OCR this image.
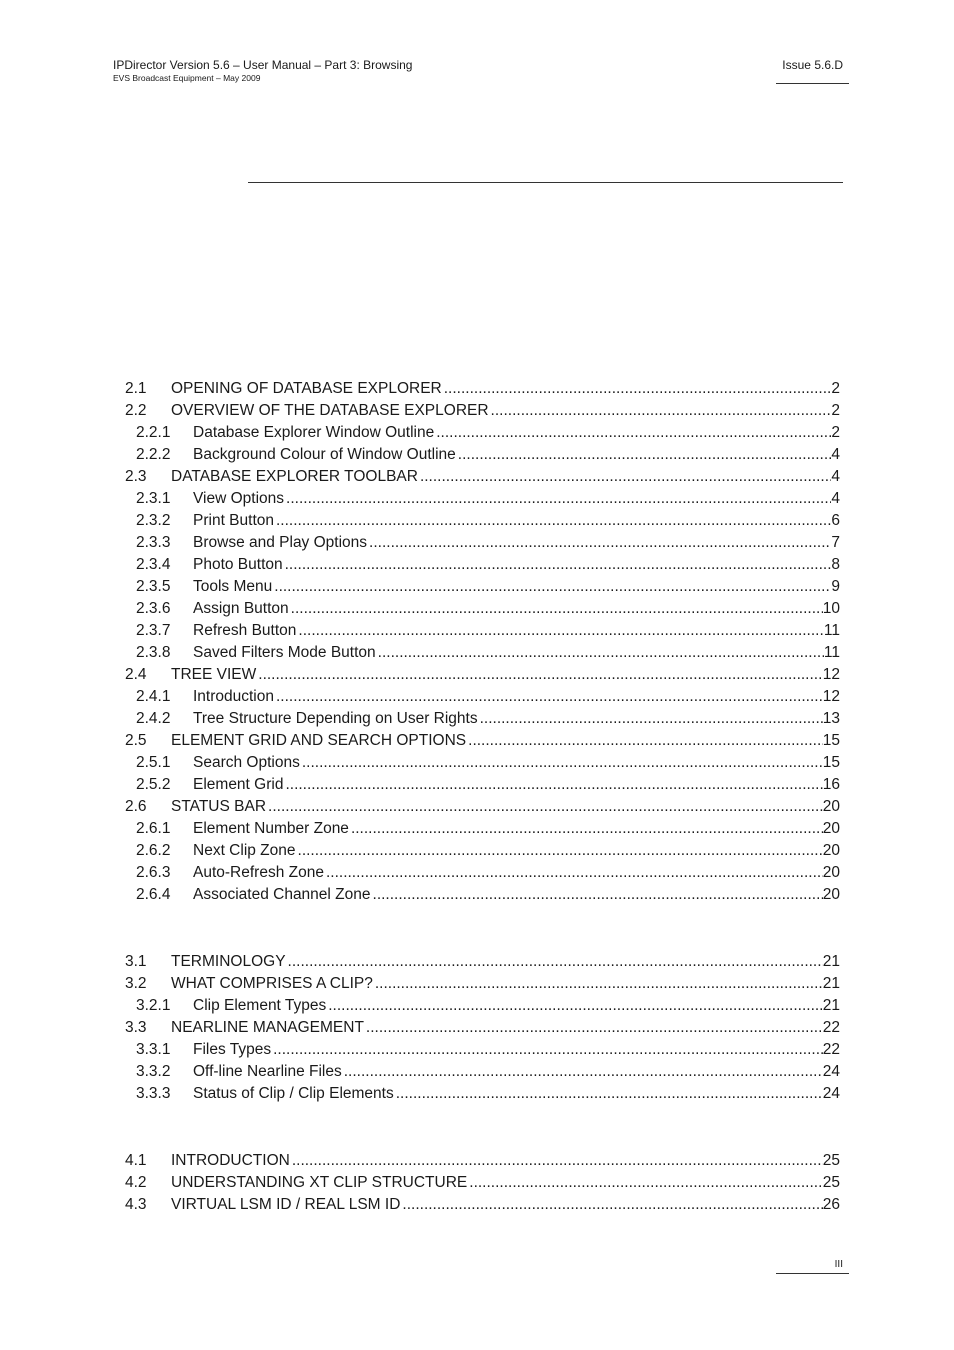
IPDirector Version 5.6 – User Manual – Part 3: Browsing
EVS Broadcast Equipment – May 2009
Issue 5.6.D
2.1 OPENING OF DATABASE EXPLORER .....	2
2.2 OVERVIEW OF THE DATABASE EXPLORER .....	2
2.2.1 Database Explorer Window Outline .....	2
2.2.2 Background Colour of Window Outline .....	4
2.3 DATABASE EXPLORER TOOLBAR .....	4
2.3.1 View Options .....	4
2.3.2 Print Button .....	6
2.3.3 Browse and Play Options .....	7
2.3.4 Photo Button .....	8
2.3.5 Tools Menu .....	9
2.3.6 Assign Button .....	10
2.3.7 Refresh Button .....	11
2.3.8 Saved Filters Mode Button .....	11
2.4 TREE VIEW .....	12
2.4.1 Introduction .....	12
2.4.2 Tree Structure Depending on User Rights .....	13
2.5 ELEMENT GRID AND SEARCH OPTIONS .....	15
2.5.1 Search Options .....	15
2.5.2 Element Grid .....	16
2.6 STATUS BAR .....	20
2.6.1 Element Number Zone .....	20
2.6.2 Next Clip Zone .....	20
2.6.3 Auto-Refresh Zone .....	20
2.6.4 Associated Channel Zone .....	20
3.1 TERMINOLOGY .....	21
3.2 WHAT COMPRISES A CLIP? .....	21
3.2.1 Clip Element Types .....	21
3.3 NEARLINE MANAGEMENT .....	22
3.3.1 Files Types .....	22
3.3.2 Off-line Nearline Files .....	24
3.3.3 Status of Clip / Clip Elements .....	24
4.1 INTRODUCTION .....	25
4.2 UNDERSTANDING XT CLIP STRUCTURE .....	25
4.3 VIRTUAL LSM ID / REAL LSM ID .....	26
III
